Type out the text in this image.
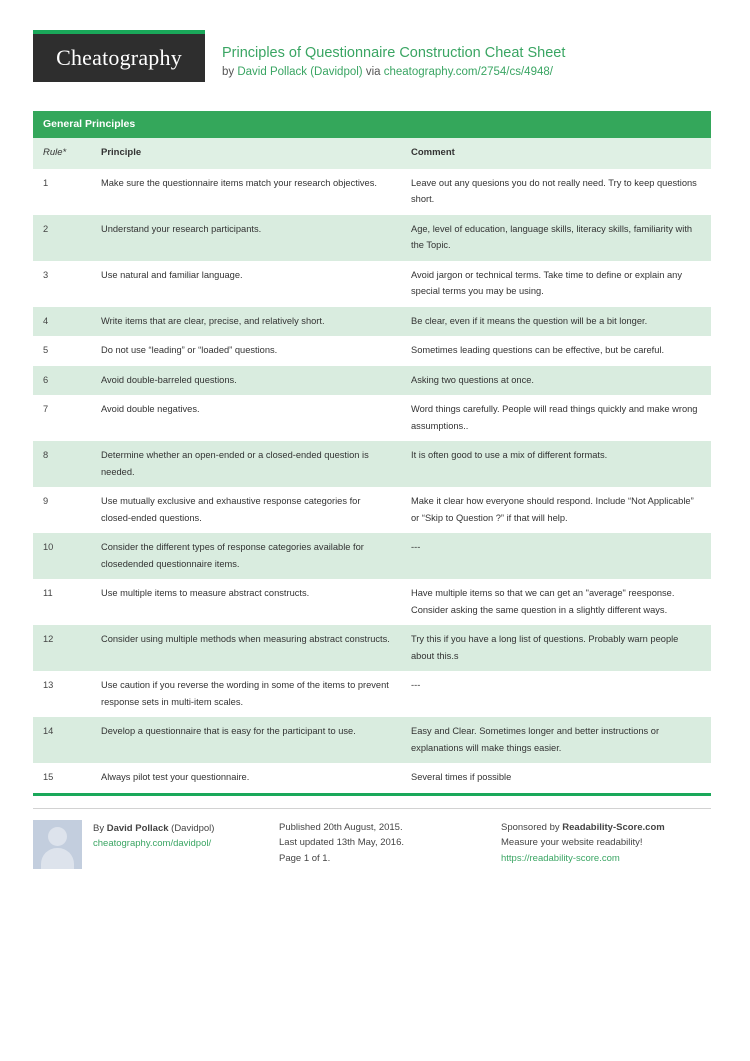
Cheatography	Principles of Questionnaire Construction Cheat Sheet
by David Pollack (Davidpol) via cheatography.com/2754/cs/4948/
General Principles
Rule*	Principle	Comment
1	Make sure the questionnaire items match your research objectives.	Leave out any quesions you do not really need. Try to keep questions short.
2	Understand your research participants.	Age, level of education, language skills, literacy skills, familiarity with the Topic.
3	Use natural and familiar language.	Avoid jargon or technical terms. Take time to define or explain any special terms you may be using.
4	Write items that are clear, precise, and relatively short.	Be clear, even if it means the question will be a bit longer.
5	Do not use “leading” or “loaded” questions.	Sometimes leading questions can be effective, but be careful.
6	Avoid double-barreled questions.	Asking two questions at once.
7	Avoid double negatives.	Word things carefully. People will read things quickly and make wrong assumptions..
8	Determine whether an open-ended or a closed-ended question is needed.	It is often good to use a mix of different formats.
9	Use mutually exclusive and exhaustive response categories for closed-ended questions.	Make it clear how everyone should respond. Include “Not Applicable” or “Skip to Question ?” if that will help.
10	Consider the different types of response categories available for closedended questionnaire items.	---
11	Use multiple items to measure abstract constructs.	Have multiple items so that we can get an "average" reesponse. Consider asking the same question in a slightly different ways.
12	Consider using multiple methods when measuring abstract constructs.	Try this if you have a long list of questions. Probably warn people about this.s
13	Use caution if you reverse the wording in some of the items to prevent response sets in multi-item scales.	---
14	Develop a questionnaire that is easy for the participant to use.	Easy and Clear. Sometimes longer and better instructions or explanations will make things easier.
15	Always pilot test your questionnaire.	Several times if possible
By David Pollack (Davidpol)
cheatography.com/davidpol/
Published 20th August, 2015.
Last updated 13th May, 2016.
Page 1 of 1.
Sponsored by Readability-Score.com
Measure your website readability!
https://readability-score.com
